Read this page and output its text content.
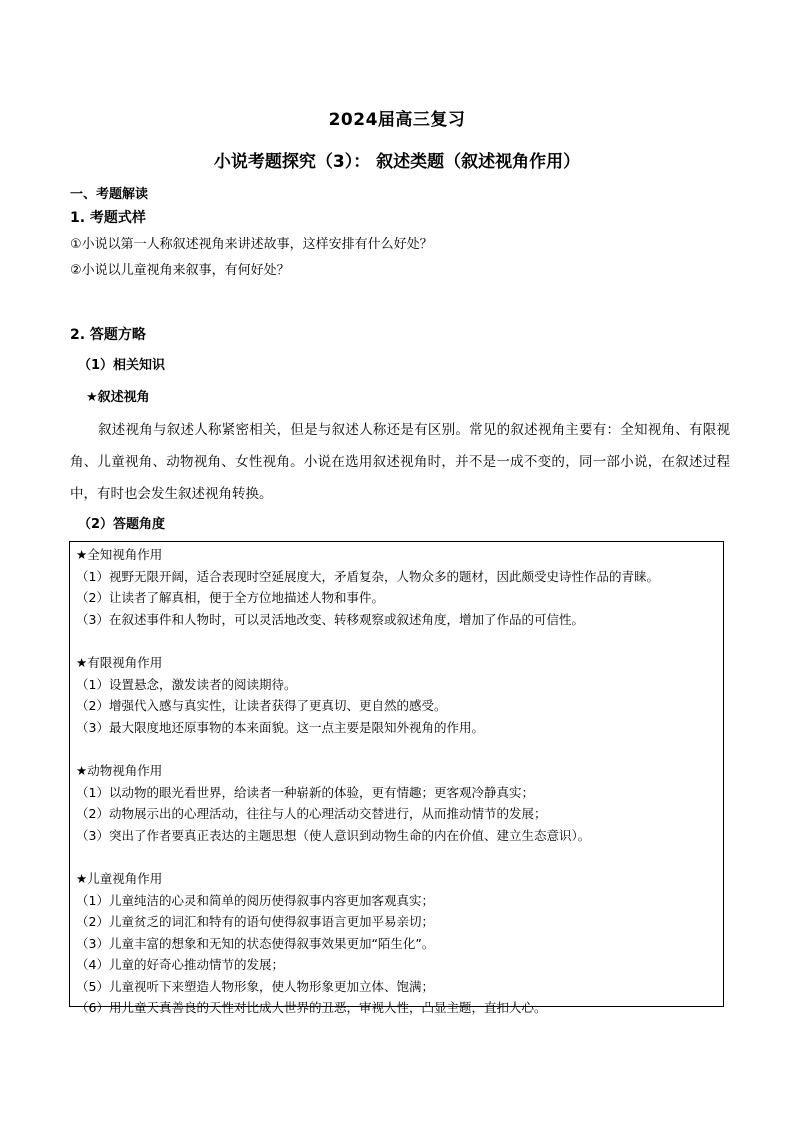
2024届高三复习
小说考题探究（3）： 叙述类题（叙述视角作用）
一、考题解读
1. 考题式样
①小说以第一人称叙述视角来讲述故事，这样安排有什么好处？
②小说以儿童视角来叙事，有何好处？
2. 答题方略
（1）相关知识
★叙述视角
叙述视角与叙述人称紧密相关，但是与叙述人称还是有区别。常见的叙述视角主要有：全知视角、有限视角、儿童视角、动物视角、女性视角。小说在选用叙述视角时，并不是一成不变的，同一部小说，在叙述过程中，有时也会发生叙述视角转换。
（2）答题角度
★全知视角作用
（1）视野无限开阔，适合表现时空延展度大，矛盾复杂，人物众多的题材，因此颇受史诗性作品的青睐。
（2）让读者了解真相，便于全方位地描述人物和事件。
（3）在叙述事件和人物时，可以灵活地改变、转移观察或叙述角度，增加了作品的可信性。
★有限视角作用
（1）设置悬念，激发读者的阅读期待。
（2）增强代入感与真实性，让读者获得了更真切、更自然的感受。
（3）最大限度地还原事物的本来面貌。这一点主要是限知外视角的作用。
★动物视角作用
（1）以动物的眼光看世界，给读者一种崭新的体验，更有情趣；更客观冷静真实；
（2）动物展示出的心理活动，往往与人的心理活动交替进行，从而推动情节的发展；
（3）突出了作者要真正表达的主题思想（使人意识到动物生命的内在价值、建立生态意识）。
★儿童视角作用
（1）儿童纯洁的心灵和简单的阅历使得叙事内容更加客观真实；
（2）儿童贫乏的词汇和特有的语句使得叙事语言更加平易亲切；
（3）儿童丰富的想象和无知的状态使得叙事效果更加“陌生化”。
（4）儿童的好奇心推动情节的发展；
（5）儿童视听下来塑造人物形象，使人物形象更加立体、饱满；
（6）用儿童天真善良的天性对比成人世界的丑恶，审视人性，凸显主题，直扣人心。
